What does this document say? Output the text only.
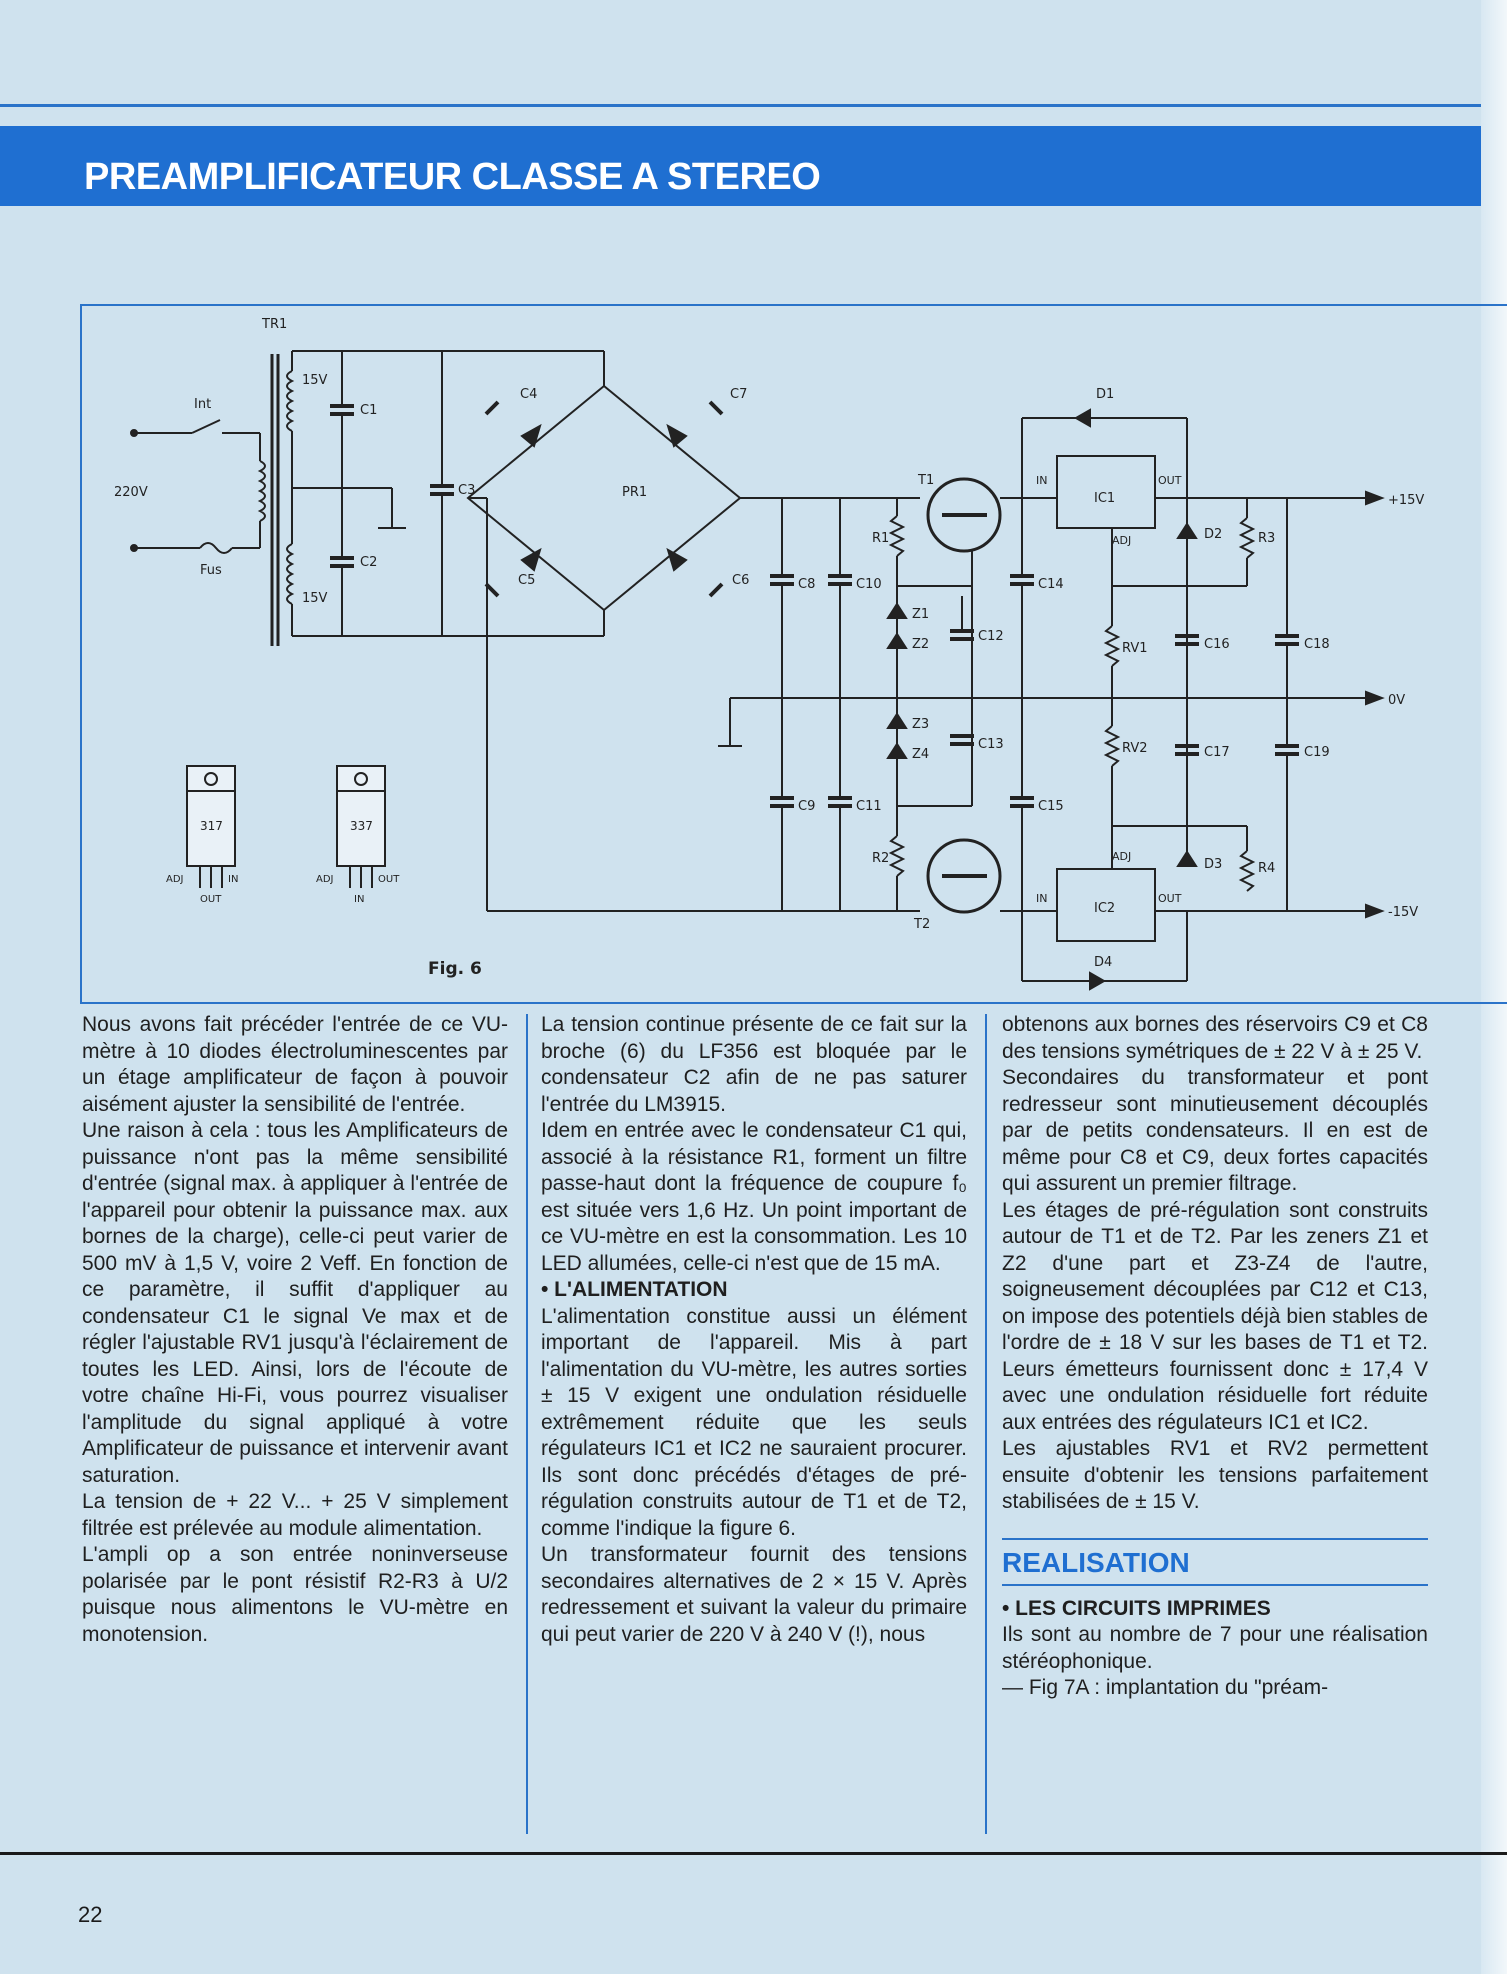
PREAMPLIFICATEUR CLASSE A STEREO
TR1
Int
220V
Fus
15V
15V
C1
C2
C3
C4
C5	C6
C7
PR1
C8
C9
C10
C11
C12
C13
C14
C15
C16
C17
C18
C19
R1
R2
R3
R4
T1
T2
Z1
Z2
Z3
Z4
D1
D2
D3
D4
IC1
IC2
IN	OUT
ADJ
IN	OUT
ADJ
RV1
RV2
+15V
0V
-15V
317	337
ADJ	IN
OUT
ADJ	OUT
IN
Fig. 6

Nous avons fait précéder l'entrée de ce VU-mètre à 10 diodes électroluminescentes par un étage amplificateur de façon à pouvoir aisément ajuster la sensibilité de l'entrée.

Une raison à cela : tous les Amplificateurs de puissance n'ont pas la même sensibilité d'entrée (signal max. à appliquer à l'entrée de l'appareil pour obtenir la puissance max. aux bornes de la charge), celle-ci peut varier de 500 mV à 1,5 V, voire 2 Veff. En fonction de ce paramètre, il suffit d'appliquer au condensateur C1 le signal Ve max et de régler l'ajustable RV1 jusqu'à l'éclairement de toutes les LED. Ainsi, lors de l'écoute de votre chaîne Hi-Fi, vous pourrez visualiser l'amplitude du signal appliqué à votre Amplificateur de puissance et intervenir avant saturation.

La tension de + 22 V... + 25 V simplement filtrée est prélevée au module alimentation.

L'ampli op a son entrée noninverseuse polarisée par le pont résistif R2-R3 à U/2 puisque nous alimentons le VU-mètre en monotension.

La tension continue présente de ce fait sur la broche (6) du LF356 est bloquée par le condensateur C2 afin de ne pas saturer l'entrée du LM3915.

Idem en entrée avec le condensateur C1 qui, associé à la résistance R1, forment un filtre passe-haut dont la fréquence de coupure f₀ est située vers 1,6 Hz. Un point important de ce VU-mètre en est la consommation. Les 10 LED allumées, celle-ci n'est que de 15 mA.

• L'ALIMENTATION

L'alimentation constitue aussi un élément important de l'appareil. Mis à part l'alimentation du VU-mètre, les autres sorties ± 15 V exigent une ondulation résiduelle extrêmement réduite que les seuls régulateurs IC1 et IC2 ne sauraient procurer. Ils sont donc précédés d'étages de pré-régulation construits autour de T1 et de T2, comme l'indique la figure 6.

Un transformateur fournit des tensions secondaires alternatives de 2 × 15 V. Après redressement et suivant la valeur du primaire qui peut varier de 220 V à 240 V (!), nous

obtenons aux bornes des réservoirs C9 et C8 des tensions symétriques de ± 22 V à ± 25 V.

Secondaires du transformateur et pont redresseur sont minutieusement découplés par de petits condensateurs. Il en est de même pour C8 et C9, deux fortes capacités qui assurent un premier filtrage.

Les étages de pré-régulation sont construits autour de T1 et de T2. Par les zeners Z1 et Z2 d'une part et Z3-Z4 de l'autre, soigneusement découplées par C12 et C13, on impose des potentiels déjà bien stables de l'ordre de ± 18 V sur les bases de T1 et T2. Leurs émetteurs fournissent donc ± 17,4 V avec une ondulation résiduelle fort réduite aux entrées des régulateurs IC1 et IC2.

Les ajustables RV1 et RV2 permettent ensuite d'obtenir les tensions parfaitement stabilisées de ± 15 V.

REALISATION

• LES CIRCUITS IMPRIMES

Ils sont au nombre de 7 pour une réalisation stéréophonique.

— Fig 7A : implantation du "préam-

22
